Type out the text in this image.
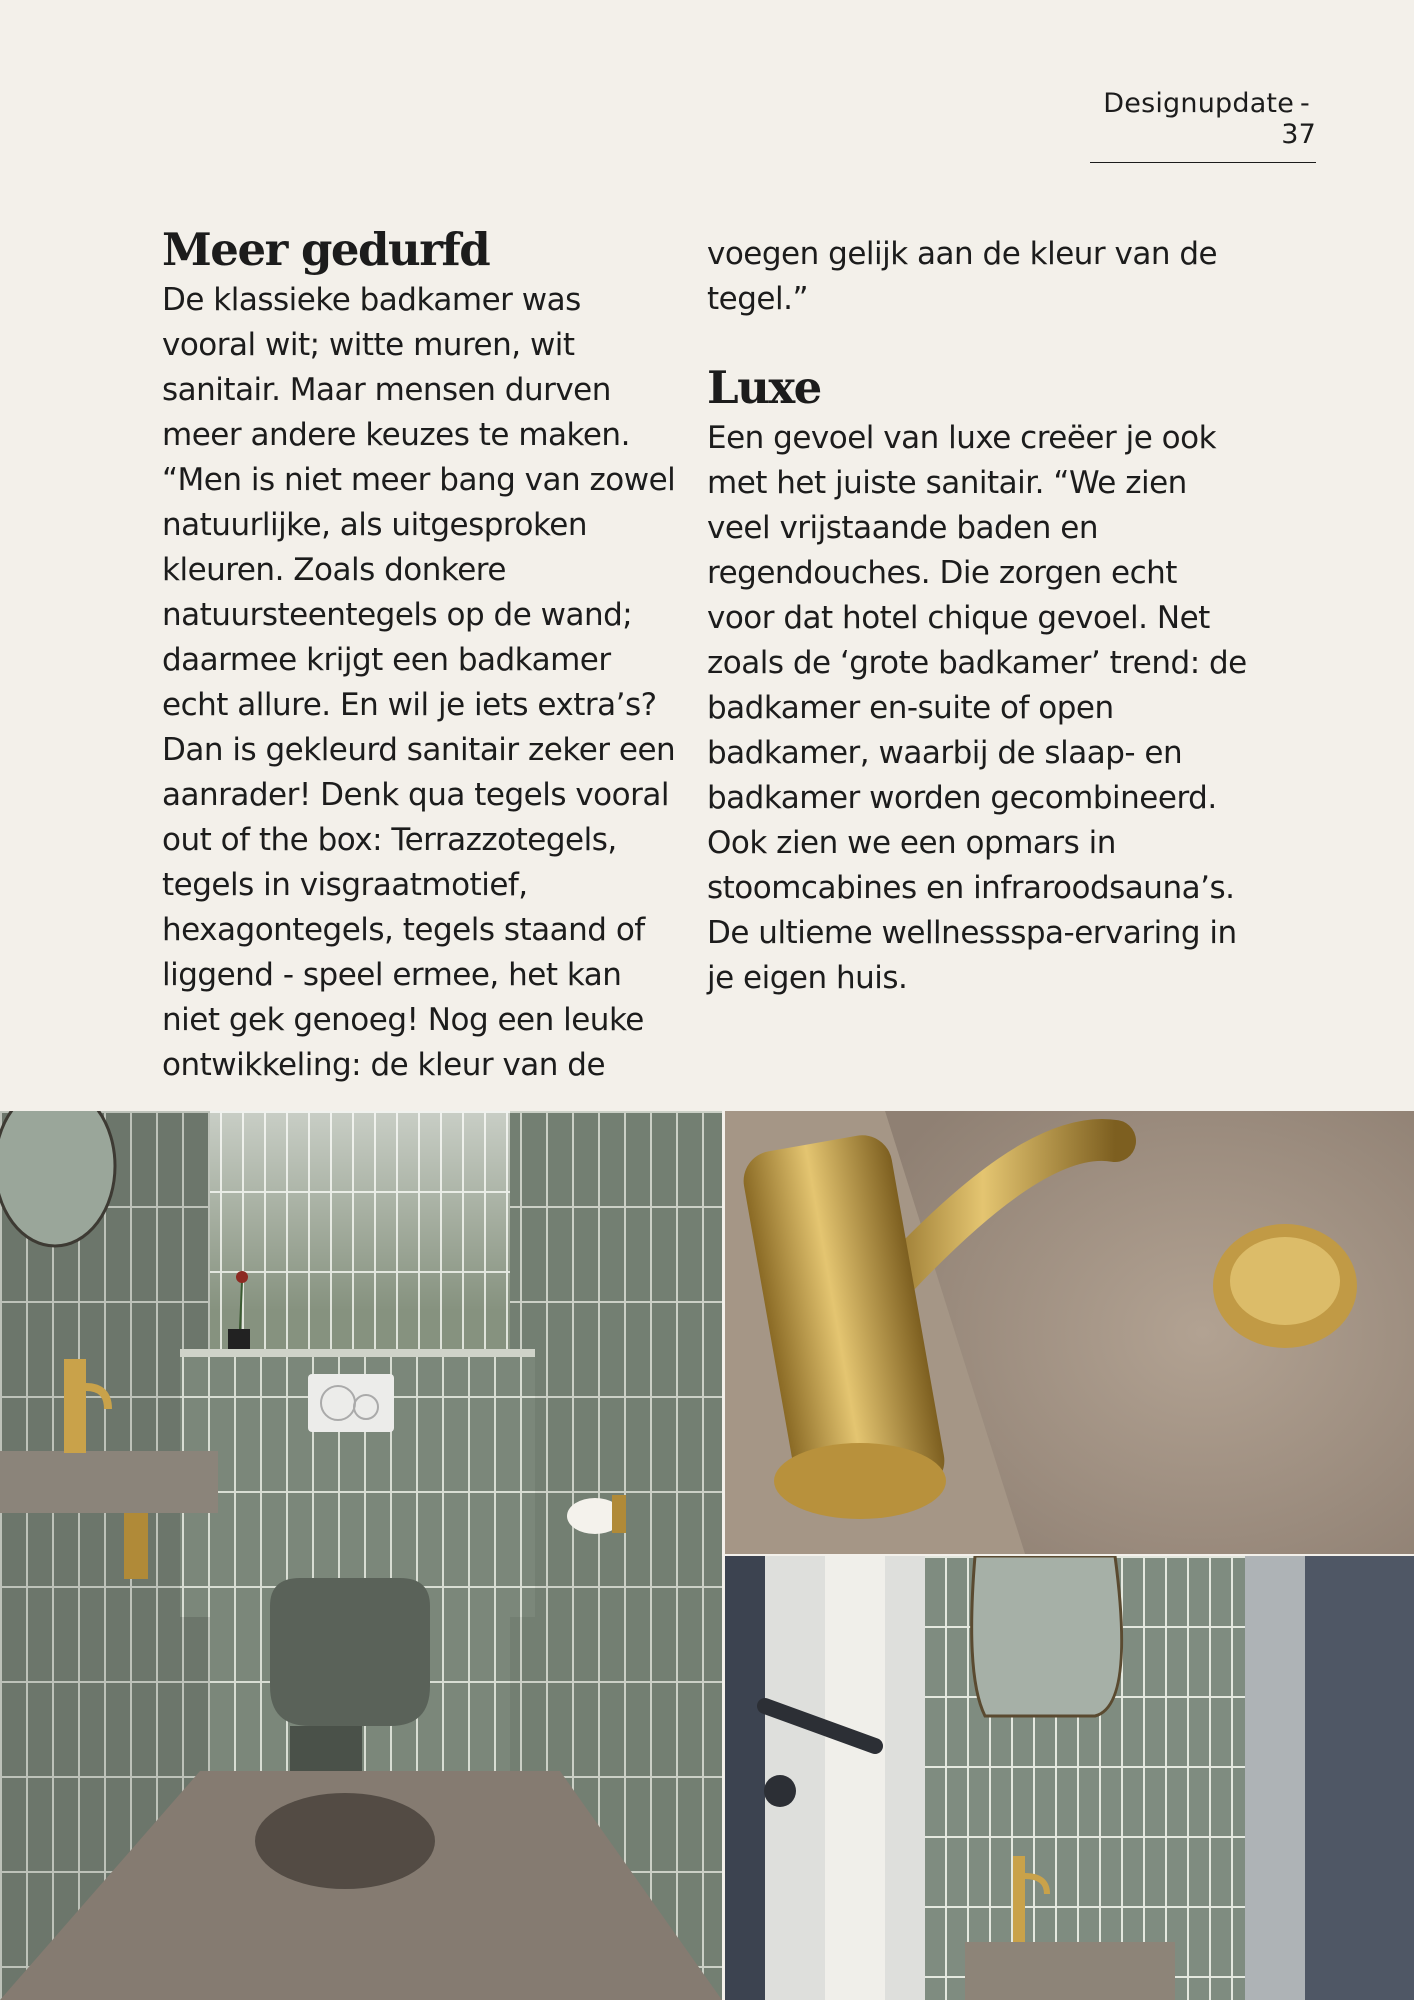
Designupdate -37
Meer gedurfd

De klassieke badkamer was vooral wit; witte muren, wit sanitair. Maar mensen durven meer andere keuzes te maken. “Men is niet meer bang van zowel natuurlijke, als uitgesproken kleuren. Zoals donkere natuursteentegels op de wand; daarmee krijgt een badkamer echt allure. En wil je iets extra’s? Dan is gekleurd sanitair zeker een aanrader! Denk qua tegels vooral out of the box: Terrazzotegels, tegels in visgraatmotief, hexagontegels, tegels staand of liggend - speel ermee, het kan niet gek genoeg! Nog een leuke ontwikkeling: de kleur van de

voegen gelijk aan de kleur van de tegel.”

Luxe

Een gevoel van luxe creëer je ook met het juiste sanitair. “We zien veel vrijstaande baden en regendouches. Die zorgen echt voor dat hotel chique gevoel. Net zoals de ‘grote badkamer’ trend: de badkamer en-suite of open badkamer, waarbij de slaap- en badkamer worden gecombineerd. Ook zien we een opmars in stoomcabines en infraroodsauna’s. De ultieme wellnessspa-ervaring in je eigen huis.
